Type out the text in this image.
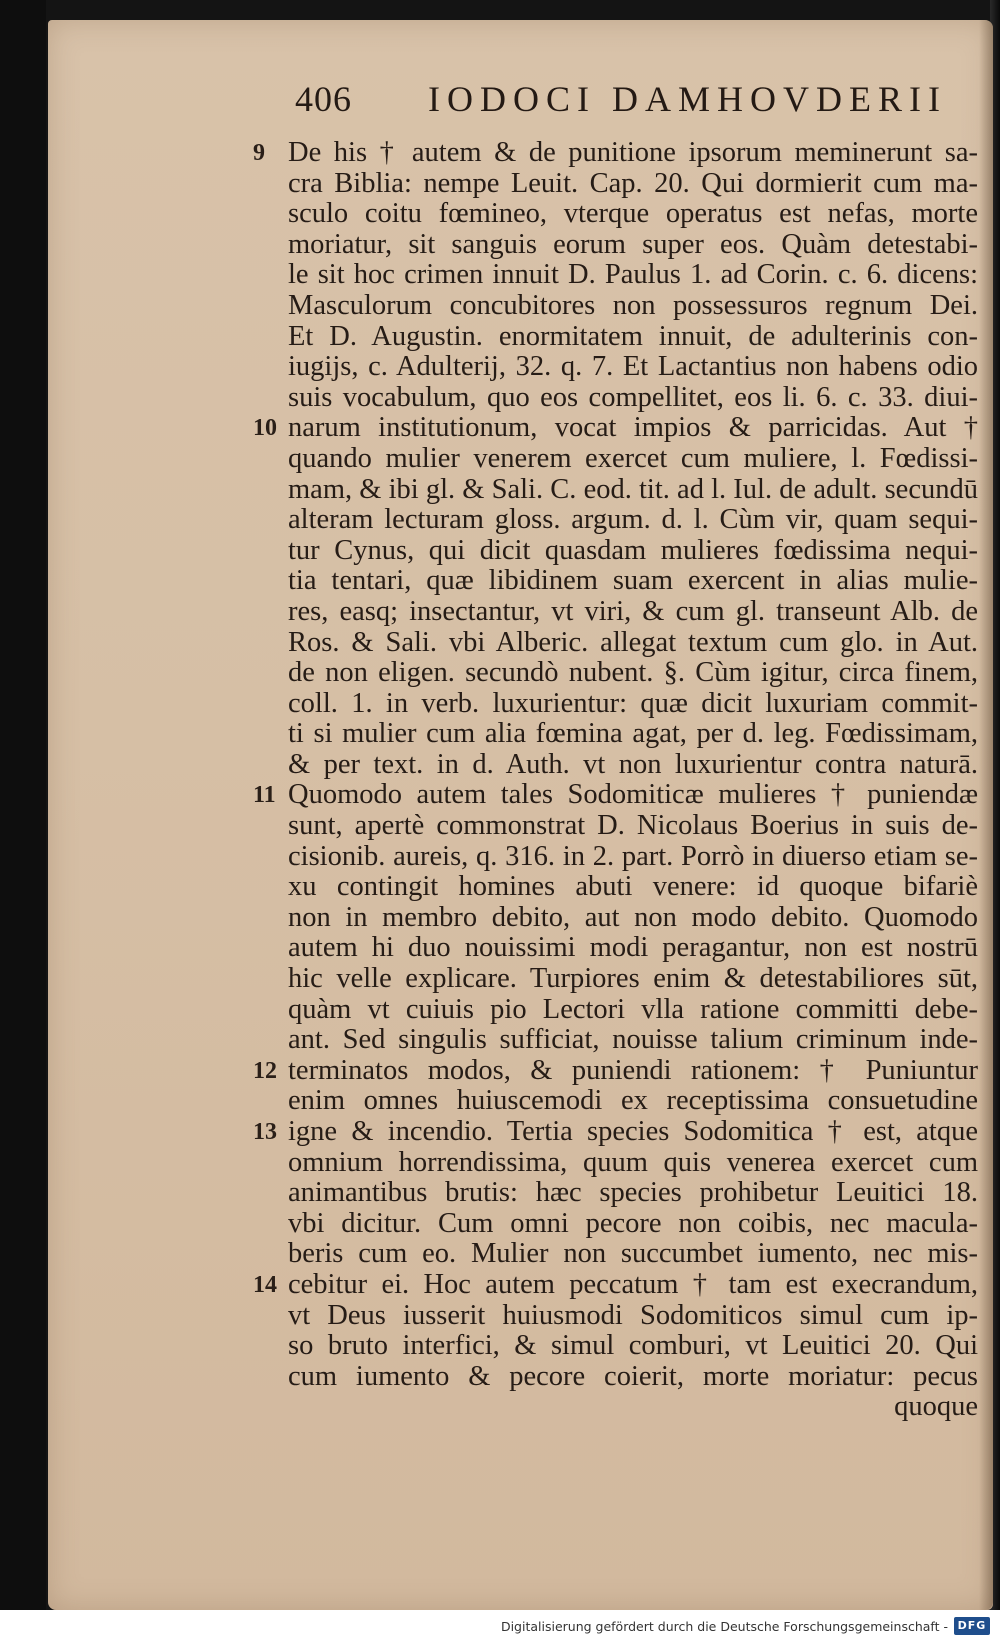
406 IODOCI DAMHOVDERII
9 De his † autem & de punitione ipsorum meminerunt sa-
cra Biblia: nempe Leuit. Cap. 20. Qui dormierit cum ma-
sculo coitu fœmineo, vterque operatus est nefas, morte
moriatur, sit sanguis eorum super eos. Quàm detestabi-
le sit hoc crimen innuit D. Paulus 1. ad Corin. c. 6. dicens:
Masculorum concubitores non possessuros regnum Dei.
Et D. Augustin. enormitatem innuit, de adulterinis con-
iugijs, c. Adulterij, 32. q. 7. Et Lactantius non habens odio
suis vocabulum, quo eos compellitet, eos li. 6. c. 33. diui-
10 narum institutionum, vocat impios & parricidas. Aut †
quando mulier venerem exercet cum muliere, l. Fœdissi-
mam, & ibi gl. & Sali. C. eod. tit. ad l. Iul. de adult. secundū
alteram lecturam gloss. argum. d. l. Cùm vir, quam sequi-
tur Cynus, qui dicit quasdam mulieres fœdissima nequi-
tia tentari, quæ libidinem suam exercent in alias mulie-
res, easq; insectantur, vt viri, & cum gl. transeunt Alb. de
Ros. & Sali. vbi Alberic. allegat textum cum glo. in Aut.
de non eligen. secundò nubent. §. Cùm igitur, circa finem,
coll. 1. in verb. luxurientur: quæ dicit luxuriam commit-
ti si mulier cum alia fœmina agat, per d. leg. Fœdissimam,
& per text. in d. Auth. vt non luxurientur contra naturā.
11 Quomodo autem tales Sodomiticæ mulieres † puniendæ
sunt, apertè commonstrat D. Nicolaus Boerius in suis de-
cisionib. aureis, q. 316. in 2. part. Porrò in diuerso etiam se-
xu contingit homines abuti venere: id quoque bifariè
non in membro debito, aut non modo debito. Quomodo
autem hi duo nouissimi modi peragantur, non est nostrū
hic velle explicare. Turpiores enim & detestabiliores sūt,
quàm vt cuiuis pio Lectori vlla ratione committi debe-
ant. Sed singulis sufficiat, nouisse talium criminum inde-
12 terminatos modos, & puniendi rationem: † Puniuntur
enim omnes huiuscemodi ex receptissima consuetudine
13 igne & incendio. Tertia species Sodomitica † est, atque
omnium horrendissima, quum quis venerea exercet cum
animantibus brutis: hæc species prohibetur Leuitici 18.
vbi dicitur. Cum omni pecore non coibis, nec macula-
beris cum eo. Mulier non succumbet iumento, nec mis-
14 cebitur ei. Hoc autem peccatum † tam est execrandum,
vt Deus iusserit huiusmodi Sodomiticos simul cum ip-
so bruto interfici, & simul comburi, vt Leuitici 20. Qui
cum iumento & pecore coierit, morte moriatur: pecus
quoque
Digitalisierung gefördert durch die Deutsche Forschungsgemeinschaft - DFG
